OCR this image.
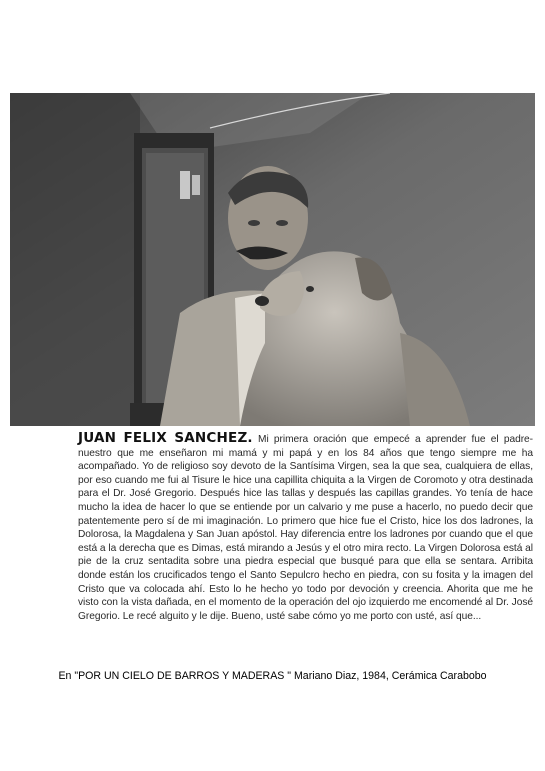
JUAN FELIX SANCHEZ. Mi primera oración que empecé a aprender fue el padre-nuestro que me enseñaron mi mamá y mi papá y en los 84 años que tengo siempre me ha acompañado. Yo de religioso soy devoto de la Santísima Virgen, sea la que sea, cualquiera de ellas, por eso cuando me fui al Tisure le hice una capillita chiquita a la Virgen de Coromoto y otra destinada para el Dr. José Gregorio. Después hice las tallas y después las capillas grandes. Yo tenía de hace mucho la idea de hacer lo que se entiende por un calvario y me puse a hacerlo, no puedo decir que patentemente pero sí de mi imaginación. Lo primero que hice fue el Cristo, hice los dos ladrones, la Dolorosa, la Magdalena y San Juan apóstol. Hay diferencia entre los ladrones por cuando que el que está a la derecha que es Dimas, está mirando a Jesús y el otro mira recto. La Virgen Dolorosa está al pie de la cruz sentadita sobre una piedra especial que busqué para que ella se sentara. Arribita donde están los crucificados tengo el Santo Sepulcro hecho en piedra, con su fosita y la imagen del Cristo que va colocada ahí. Esto lo he hecho yo todo por devoción y creencia. Ahorita que me he visto con la vista dañada, en el momento de la operación del ojo izquierdo me encomendé al Dr. José Gregorio. Le recé alguito y le dije. Bueno, usté sabe cómo yo me porto con usté, así que...
En "POR UN CIELO DE BARROS Y MADERAS " Mariano Diaz, 1984, Cerámica Carabobo
